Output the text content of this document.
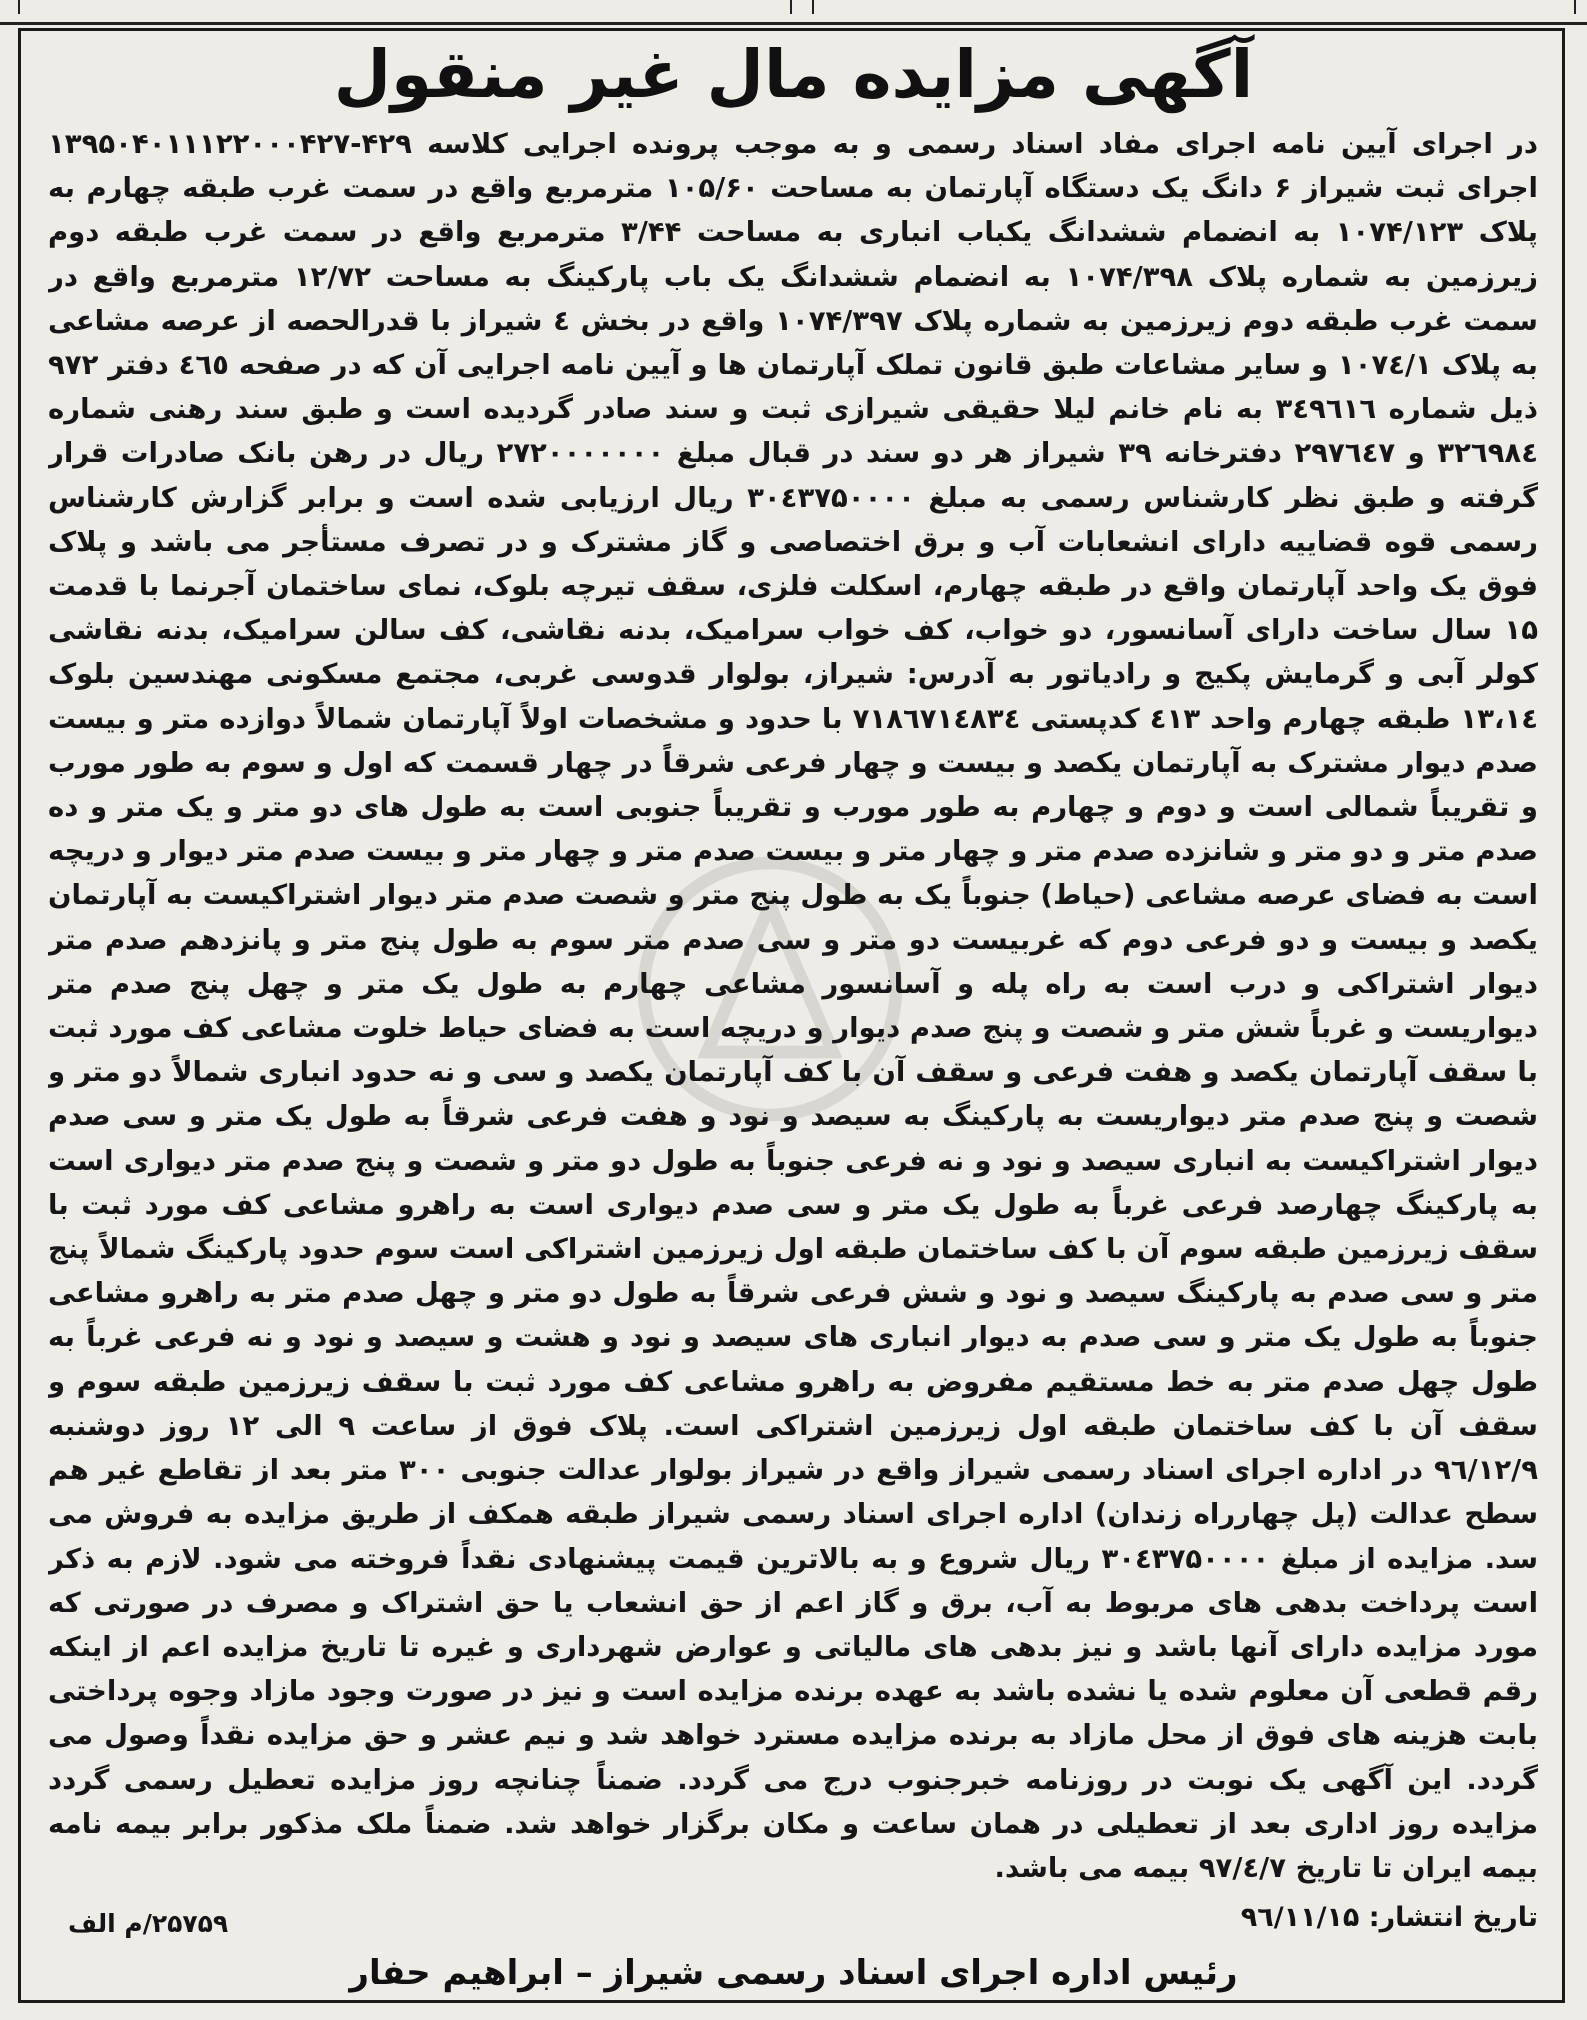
آگهی مزایده مال غیر منقول

در اجرای آیین نامه اجرای مفاد اسناد رسمی و به موجب پرونده اجرایی کلاسه ۴۲۹-۱۳۹۵۰۴۰۱۱۱۲۲۰۰۰۴۲۷ اجرای ثبت شیراز ۶ دانگ یک دستگاه آپارتمان به مساحت ۱۰۵/۶۰ مترمربع واقع در سمت غرب طبقه چهارم به پلاک ۱۰۷۴/۱۲۳ به انضمام ششدانگ یکباب انباری به مساحت ۳/۴۴ مترمربع واقع در سمت غرب طبقه دوم زیرزمین به شماره پلاک ۱۰۷۴/۳۹۸ به انضمام ششدانگ یک باب پارکینگ به مساحت ۱۲/۷۲ مترمربع واقع در سمت غرب طبقه دوم زیرزمین به شماره پلاک ۱۰۷۴/۳۹۷ واقع در بخش ٤ شیراز با قدرالحصه از عرصه مشاعی به پلاک ۱۰۷٤/۱ و سایر مشاعات طبق قانون تملک آپارتمان ها و آیین نامه اجرایی آن که در صفحه ٤٦٥ دفتر ۹۷۲ ذیل شماره ۳٤۹٦۱٦ به نام خانم لیلا حقیقی شیرازی ثبت و سند صادر گردیده است و طبق سند رهنی شماره ۳۲٦۹۸٤ و ۲۹۷٦٤۷ دفترخانه ۳۹ شیراز هر دو سند در قبال مبلغ ۲۷۲۰۰۰۰۰۰۰ ریال در رهن بانک صادرات قرار گرفته و طبق نظر کارشناس رسمی به مبلغ ۳۰٤۳۷۵۰۰۰۰ ریال ارزیابی شده است و برابر گزارش کارشناس رسمی قوه قضاییه دارای انشعابات آب و برق اختصاصی و گاز مشترک و در تصرف مستأجر می باشد و پلاک فوق یک واحد آپارتمان واقع در طبقه چهارم، اسکلت فلزی، سقف تیرچه بلوک، نمای ساختمان آجرنما با قدمت ۱۵ سال ساخت دارای آسانسور، دو خواب، کف خواب سرامیک، بدنه نقاشی، کف سالن سرامیک، بدنه نقاشی کولر آبی و گرمایش پکیج و رادیاتور به آدرس: شیراز، بولوار قدوسی غربی، مجتمع مسکونی مهندسین بلوک ۱۳،۱٤ طبقه چهارم واحد ٤۱۳ کدپستی ۷۱۸٦۷۱٤۸۳٤ با حدود و مشخصات اولاً آپارتمان شمالاً دوازده متر و بیست صدم دیوار مشترک به آپارتمان یکصد و بیست و چهار فرعی شرقاً در چهار قسمت که اول و سوم به طور مورب و تقریباً شمالی است و دوم و چهارم به طور مورب و تقریباً جنوبی است به طول های دو متر و یک متر و ده صدم متر و دو متر و شانزده صدم متر و چهار متر و بیست صدم متر و چهار متر و بیست صدم متر دیوار و دریچه است به فضای عرصه مشاعی (حیاط) جنوباً یک به طول پنج متر و شصت صدم متر دیوار اشتراکیست به آپارتمان یکصد و بیست و دو فرعی دوم که غربیست دو متر و سی صدم متر سوم به طول پنج متر و پانزدهم صدم متر دیوار اشتراکی و درب است به راه پله و آسانسور مشاعی چهارم به طول یک متر و چهل پنج صدم متر دیواریست و غرباً شش متر و شصت و پنج صدم دیوار و دریچه است به فضای حیاط خلوت مشاعی کف مورد ثبت با سقف آپارتمان یکصد و هفت فرعی و سقف آن با کف آپارتمان یکصد و سی و نه حدود انباری شمالاً دو متر و شصت و پنج صدم متر دیواریست به پارکینگ به سیصد و نود و هفت فرعی شرقاً به طول یک متر و سی صدم دیوار اشتراکیست به انباری سیصد و نود و نه فرعی جنوباً به طول دو متر و شصت و پنج صدم متر دیواری است به پارکینگ چهارصد فرعی غرباً به طول یک متر و سی صدم دیواری است به راهرو مشاعی کف مورد ثبت با سقف زیرزمین طبقه سوم آن با کف ساختمان طبقه اول زیرزمین اشتراکی است سوم حدود پارکینگ شمالاً پنج متر و سی صدم به پارکینگ سیصد و نود و شش فرعی شرقاً به طول دو متر و چهل صدم متر به راهرو مشاعی جنوباً به طول یک متر و سی صدم به دیوار انباری های سیصد و نود و هشت و سیصد و نود و نه فرعی غرباً به طول چهل صدم متر به خط مستقیم مفروض به راهرو مشاعی کف مورد ثبت با سقف زیرزمین طبقه سوم و سقف آن با کف ساختمان طبقه اول زیرزمین اشتراکی است. پلاک فوق از ساعت ۹ الی ۱۲ روز دوشنبه ۹٦/۱۲/۹ در اداره اجرای اسناد رسمی شیراز واقع در شیراز بولوار عدالت جنوبی ۳۰۰ متر بعد از تقاطع غیر هم سطح عدالت (پل چهارراه زندان) اداره اجرای اسناد رسمی شیراز طبقه همکف از طریق مزایده به فروش می سد. مزایده از مبلغ ۳۰٤۳۷۵۰۰۰۰ ریال شروع و به بالاترین قیمت پیشنهادی نقداً فروخته می شود. لازم به ذکر است پرداخت بدهی های مربوط به آب، برق و گاز اعم از حق انشعاب یا حق اشتراک و مصرف در صورتی که مورد مزایده دارای آنها باشد و نیز بدهی های مالیاتی و عوارض شهرداری و غیره تا تاریخ مزایده اعم از اینکه رقم قطعی آن معلوم شده یا نشده باشد به عهده برنده مزایده است و نیز در صورت وجود مازاد وجوه پرداختی بابت هزینه های فوق از محل مازاد به برنده مزایده مسترد خواهد شد و نیم عشر و حق مزایده نقداً وصول می گردد. این آگهی یک نوبت در روزنامه خبرجنوب درج می گردد. ضمناً چنانچه روز مزایده تعطیل رسمی گردد مزایده روز اداری بعد از تعطیلی در همان ساعت و مکان برگزار خواهد شد. ضمناً ملک مذکور برابر بیمه نامه بیمه ایران تا تاریخ ۹۷/٤/۷ بیمه می باشد.

تاریخ انتشار: ۹٦/۱۱/۱۵
۲۵۷۵۹/م الف
رئیس اداره اجرای اسناد رسمی شیراز – ابراهیم حفار
